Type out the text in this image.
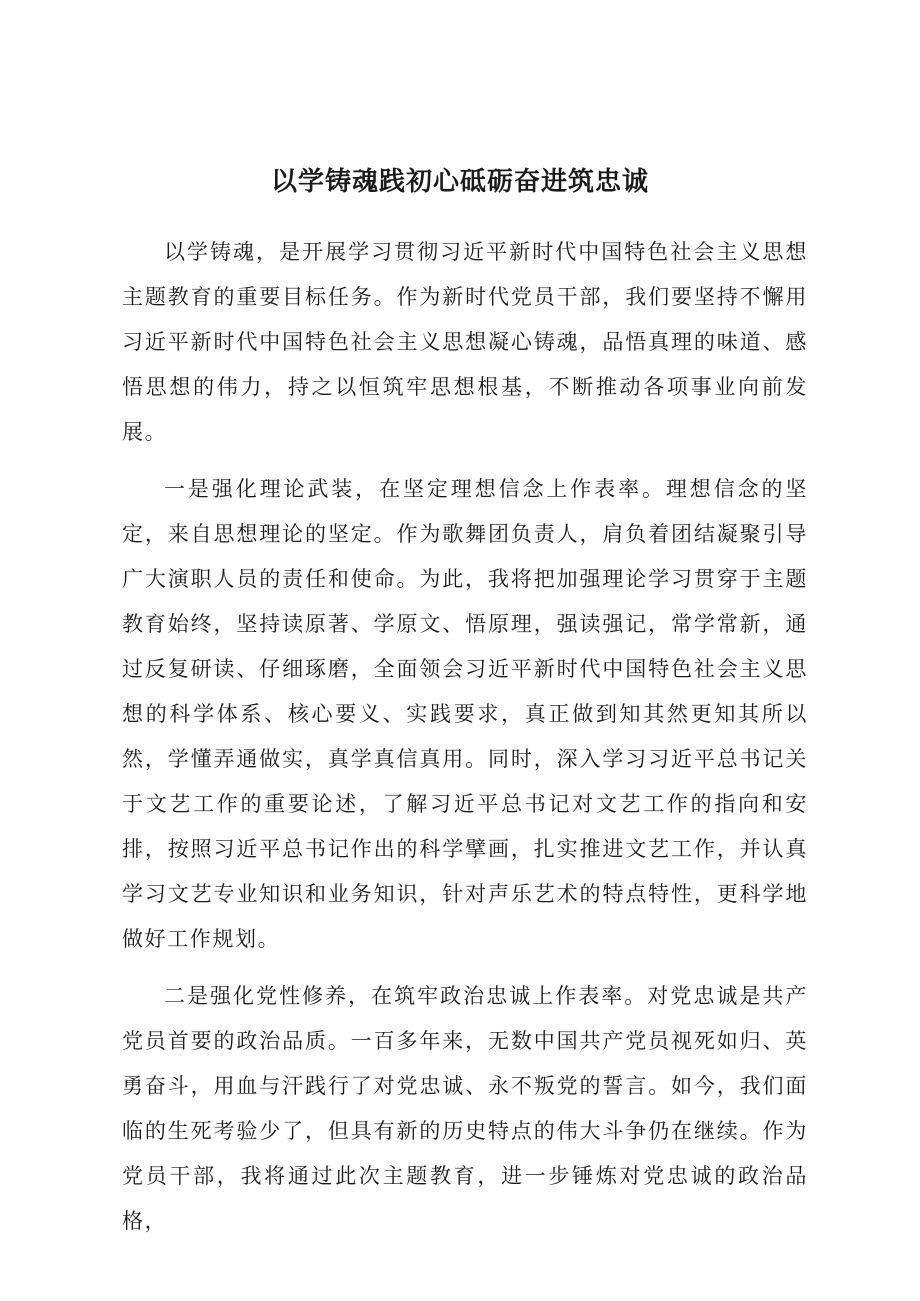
以学铸魂践初心砥砺奋进筑忠诚

以学铸魂，是开展学习贯彻习近平新时代中国特色社会主义思想主题教育的重要目标任务。作为新时代党员干部，我们要坚持不懈用习近平新时代中国特色社会主义思想凝心铸魂，品悟真理的味道、感悟思想的伟力，持之以恒筑牢思想根基，不断推动各项事业向前发展。

一是强化理论武装，在坚定理想信念上作表率。理想信念的坚定，来自思想理论的坚定。作为歌舞团负责人，肩负着团结凝聚引导广大演职人员的责任和使命。为此，我将把加强理论学习贯穿于主题教育始终，坚持读原著、学原文、悟原理，强读强记，常学常新，通过反复研读、仔细琢磨，全面领会习近平新时代中国特色社会主义思想的科学体系、核心要义、实践要求，真正做到知其然更知其所以然，学懂弄通做实，真学真信真用。同时，深入学习习近平总书记关于文艺工作的重要论述，了解习近平总书记对文艺工作的指向和安排，按照习近平总书记作出的科学擘画，扎实推进文艺工作，并认真学习文艺专业知识和业务知识，针对声乐艺术的特点特性，更科学地做好工作规划。

二是强化党性修养，在筑牢政治忠诚上作表率。对党忠诚是共产党员首要的政治品质。一百多年来，无数中国共产党员视死如归、英勇奋斗，用血与汗践行了对党忠诚、永不叛党的誓言。如今，我们面临的生死考验少了，但具有新的历史特点的伟大斗争仍在继续。作为党员干部，我将通过此次主题教育，进一步锤炼对党忠诚的政治品格，
